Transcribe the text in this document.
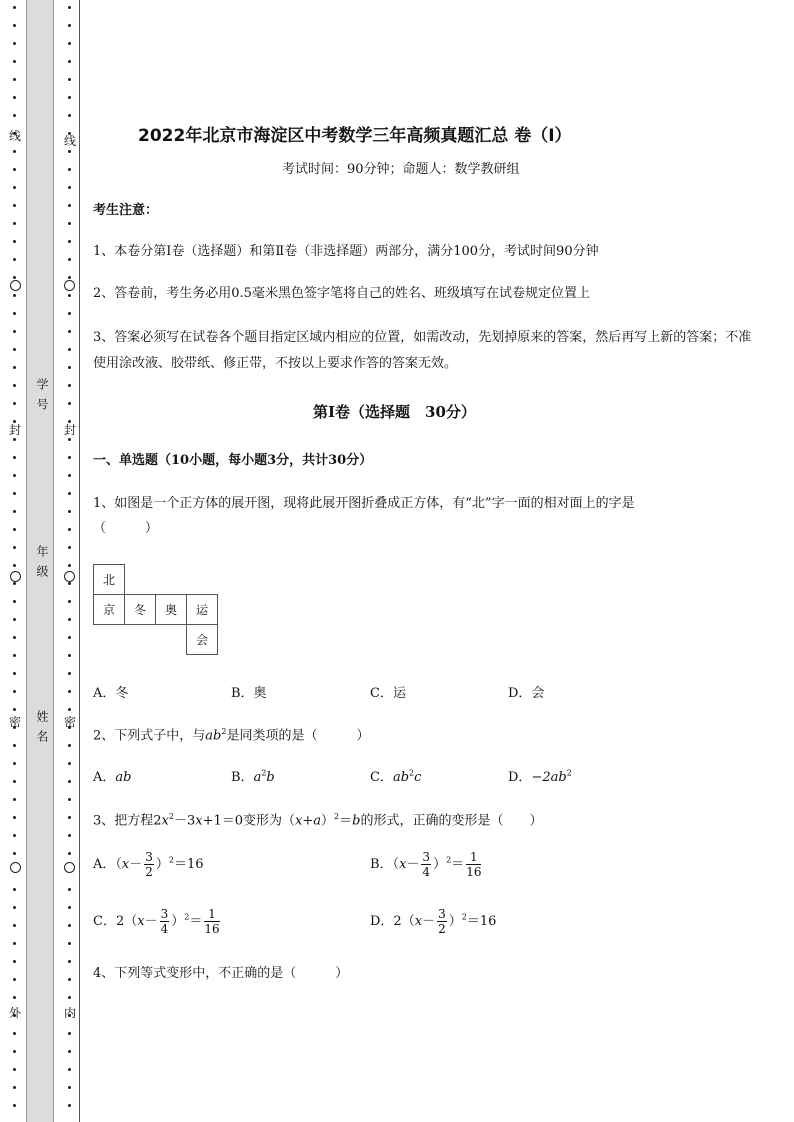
线
封
密
外
线
封
密
内
学号
年级
姓名
2022年北京市海淀区中考数学三年高频真题汇总 卷（Ⅰ）
考试时间：90分钟；命题人：数学教研组
考生注意：
1、本卷分第I卷（选择题）和第Ⅱ卷（非选择题）两部分，满分100分，考试时间90分钟
2、答卷前，考生务必用0.5毫米黑色签字笔将自己的姓名、班级填写在试卷规定位置上
3、答案必须写在试卷各个题目指定区域内相应的位置，如需改动，先划掉原来的答案，然后再写上新的答案；不准使用涂改液、胶带纸、修正带，不按以上要求作答的答案无效。
第I卷（选择题　30分）
一、单选题（10小题，每小题3分，共计30分）
1、如图是一个正方体的展开图，现将此展开图折叠成正方体，有“北”字一面的相对面上的字是
（　　　）
北			
京	冬	奥	运
			会
A．冬	B．奥	C．运	D．会
2、下列式子中，与$ab^2$是同类项的是（　　　）
A．ab	B．$a^2b$	C．$ab^2c$	D．$-2ab^2$
3、把方程$2x^2-3x+1=0$变形为$(x+a)^2=b$的形式，正确的变形是（　　）
A．$(x- \frac{3}{2} )^2=16$	B．$(x- \frac{3}{4} )^2= \frac{1}{16}$
C．$2(x- \frac{3}{4} )^2= \frac{1}{16}$	D．$2(x- \frac{3}{2} )^2=16$
4、下列等式变形中，不正确的是（　　　）
